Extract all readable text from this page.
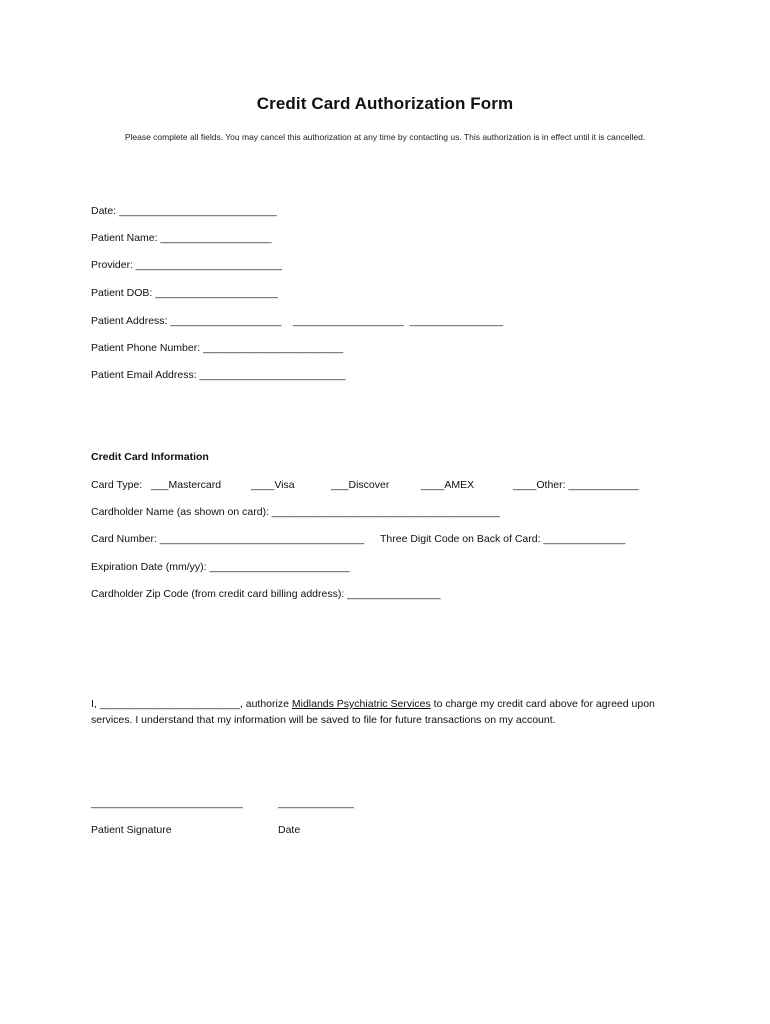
Credit Card Authorization Form
Please complete all fields. You may cancel this authorization at any time by contacting us. This authorization is in effect until it is cancelled.
Date: ___________________________
Patient Name: ___________________
Provider: _________________________
Patient DOB: _____________________
Patient Address: ___________________    ___________________  ________________
Patient Phone Number: ________________________
Patient Email Address: _________________________
Credit Card Information
Card Type: ___Mastercard	____Visa	___Discover	____AMEX	____Other: ____________
Cardholder Name (as shown on card): _______________________________________
Card Number: ___________________________________ Three Digit Code on Back of Card: ______________
Expiration Date (mm/yy): ________________________
Cardholder Zip Code (from credit card billing address): ________________
I, ________________________, authorize Midlands Psychiatric Services to charge my credit card above for agreed upon services. I understand that my information will be saved to file for future transactions on my account.
__________________________	_____________
Patient Signature	Date
